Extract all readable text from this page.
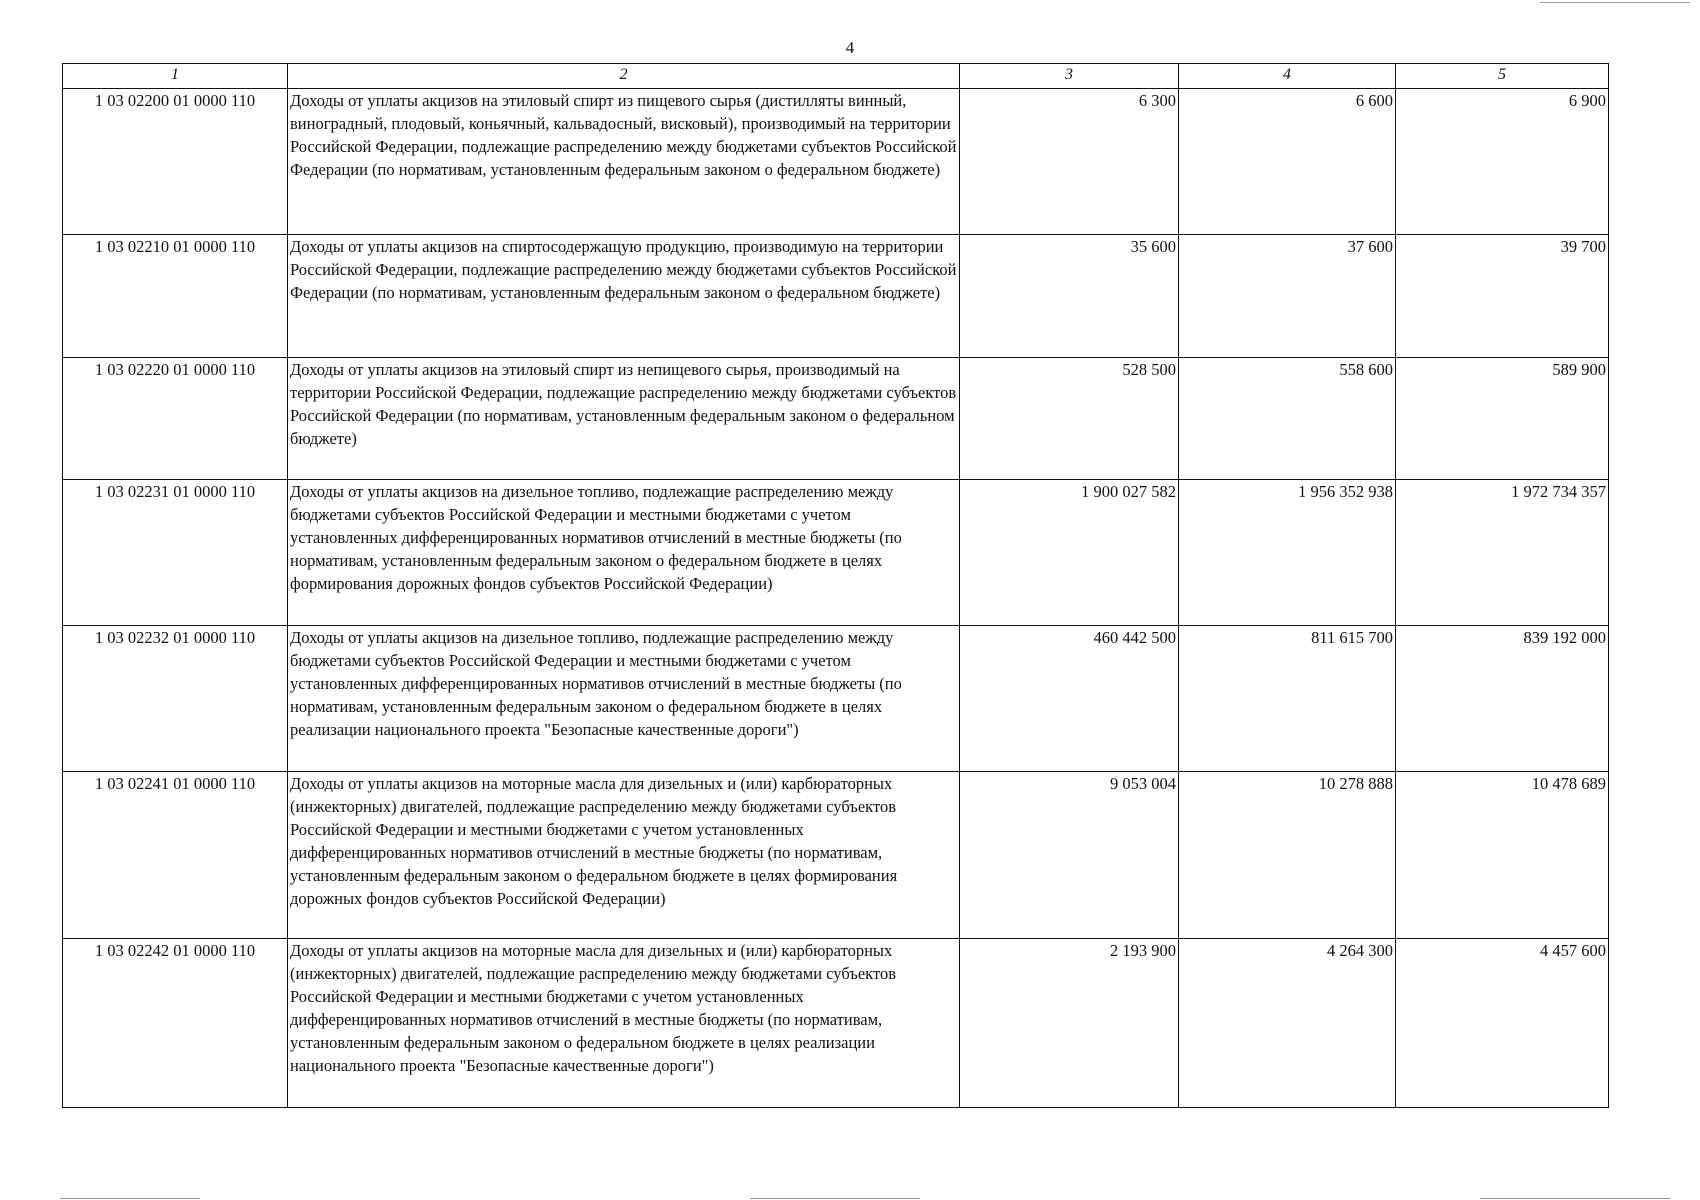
4
1	2	3	4	5
1 03 02200 01 0000 110	Доходы от уплаты акцизов на этиловый спирт из пищевого сырья (дистилляты винный, виноградный, плодовый, коньячный, кальвадосный, висковый), производимый на территории Российской Федерации, подлежащие распределению между бюджетами субъектов Российской Федерации (по нормативам, установленным федеральным законом о федеральном бюджете)	6 300	6 600	6 900
1 03 02210 01 0000 110	Доходы от уплаты акцизов на спиртосодержащую продукцию, производимую на территории Российской Федерации, подлежащие распределению между бюджетами субъектов Российской Федерации (по нормативам, установленным федеральным законом о федеральном бюджете)	35 600	37 600	39 700
1 03 02220 01 0000 110	Доходы от уплаты акцизов на этиловый спирт из непищевого сырья, производимый на территории Российской Федерации, подлежащие распределению между бюджетами субъектов Российской Федерации (по нормативам, установленным федеральным законом о федеральном бюджете)	528 500	558 600	589 900
1 03 02231 01 0000 110	Доходы от уплаты акцизов на дизельное топливо, подлежащие распределению между бюджетами субъектов Российской Федерации и местными бюджетами с учетом установленных дифференцированных нормативов отчислений в местные бюджеты (по нормативам, установленным федеральным законом о федеральном бюджете в целях формирования дорожных фондов субъектов Российской Федерации)	1 900 027 582	1 956 352 938	1 972 734 357
1 03 02232 01 0000 110	Доходы от уплаты акцизов на дизельное топливо, подлежащие распределению между бюджетами субъектов Российской Федерации и местными бюджетами с учетом установленных дифференцированных нормативов отчислений в местные бюджеты (по нормативам, установленным федеральным законом о федеральном бюджете в целях реализации национального проекта "Безопасные качественные дороги")	460 442 500	811 615 700	839 192 000
1 03 02241 01 0000 110	Доходы от уплаты акцизов на моторные масла для дизельных и (или) карбюраторных (инжекторных) двигателей, подлежащие распределению между бюджетами субъектов Российской Федерации и местными бюджетами с учетом установленных дифференцированных нормативов отчислений в местные бюджеты (по нормативам, установленным федеральным законом о федеральном бюджете в целях формирования дорожных фондов субъектов Российской Федерации)	9 053 004	10 278 888	10 478 689
1 03 02242 01 0000 110	Доходы от уплаты акцизов на моторные масла для дизельных и (или) карбюраторных (инжекторных) двигателей, подлежащие распределению между бюджетами субъектов Российской Федерации и местными бюджетами с учетом установленных дифференцированных нормативов отчислений в местные бюджеты (по нормативам, установленным федеральным законом о федеральном бюджете в целях реализации национального проекта "Безопасные качественные дороги")	2 193 900	4 264 300	4 457 600
